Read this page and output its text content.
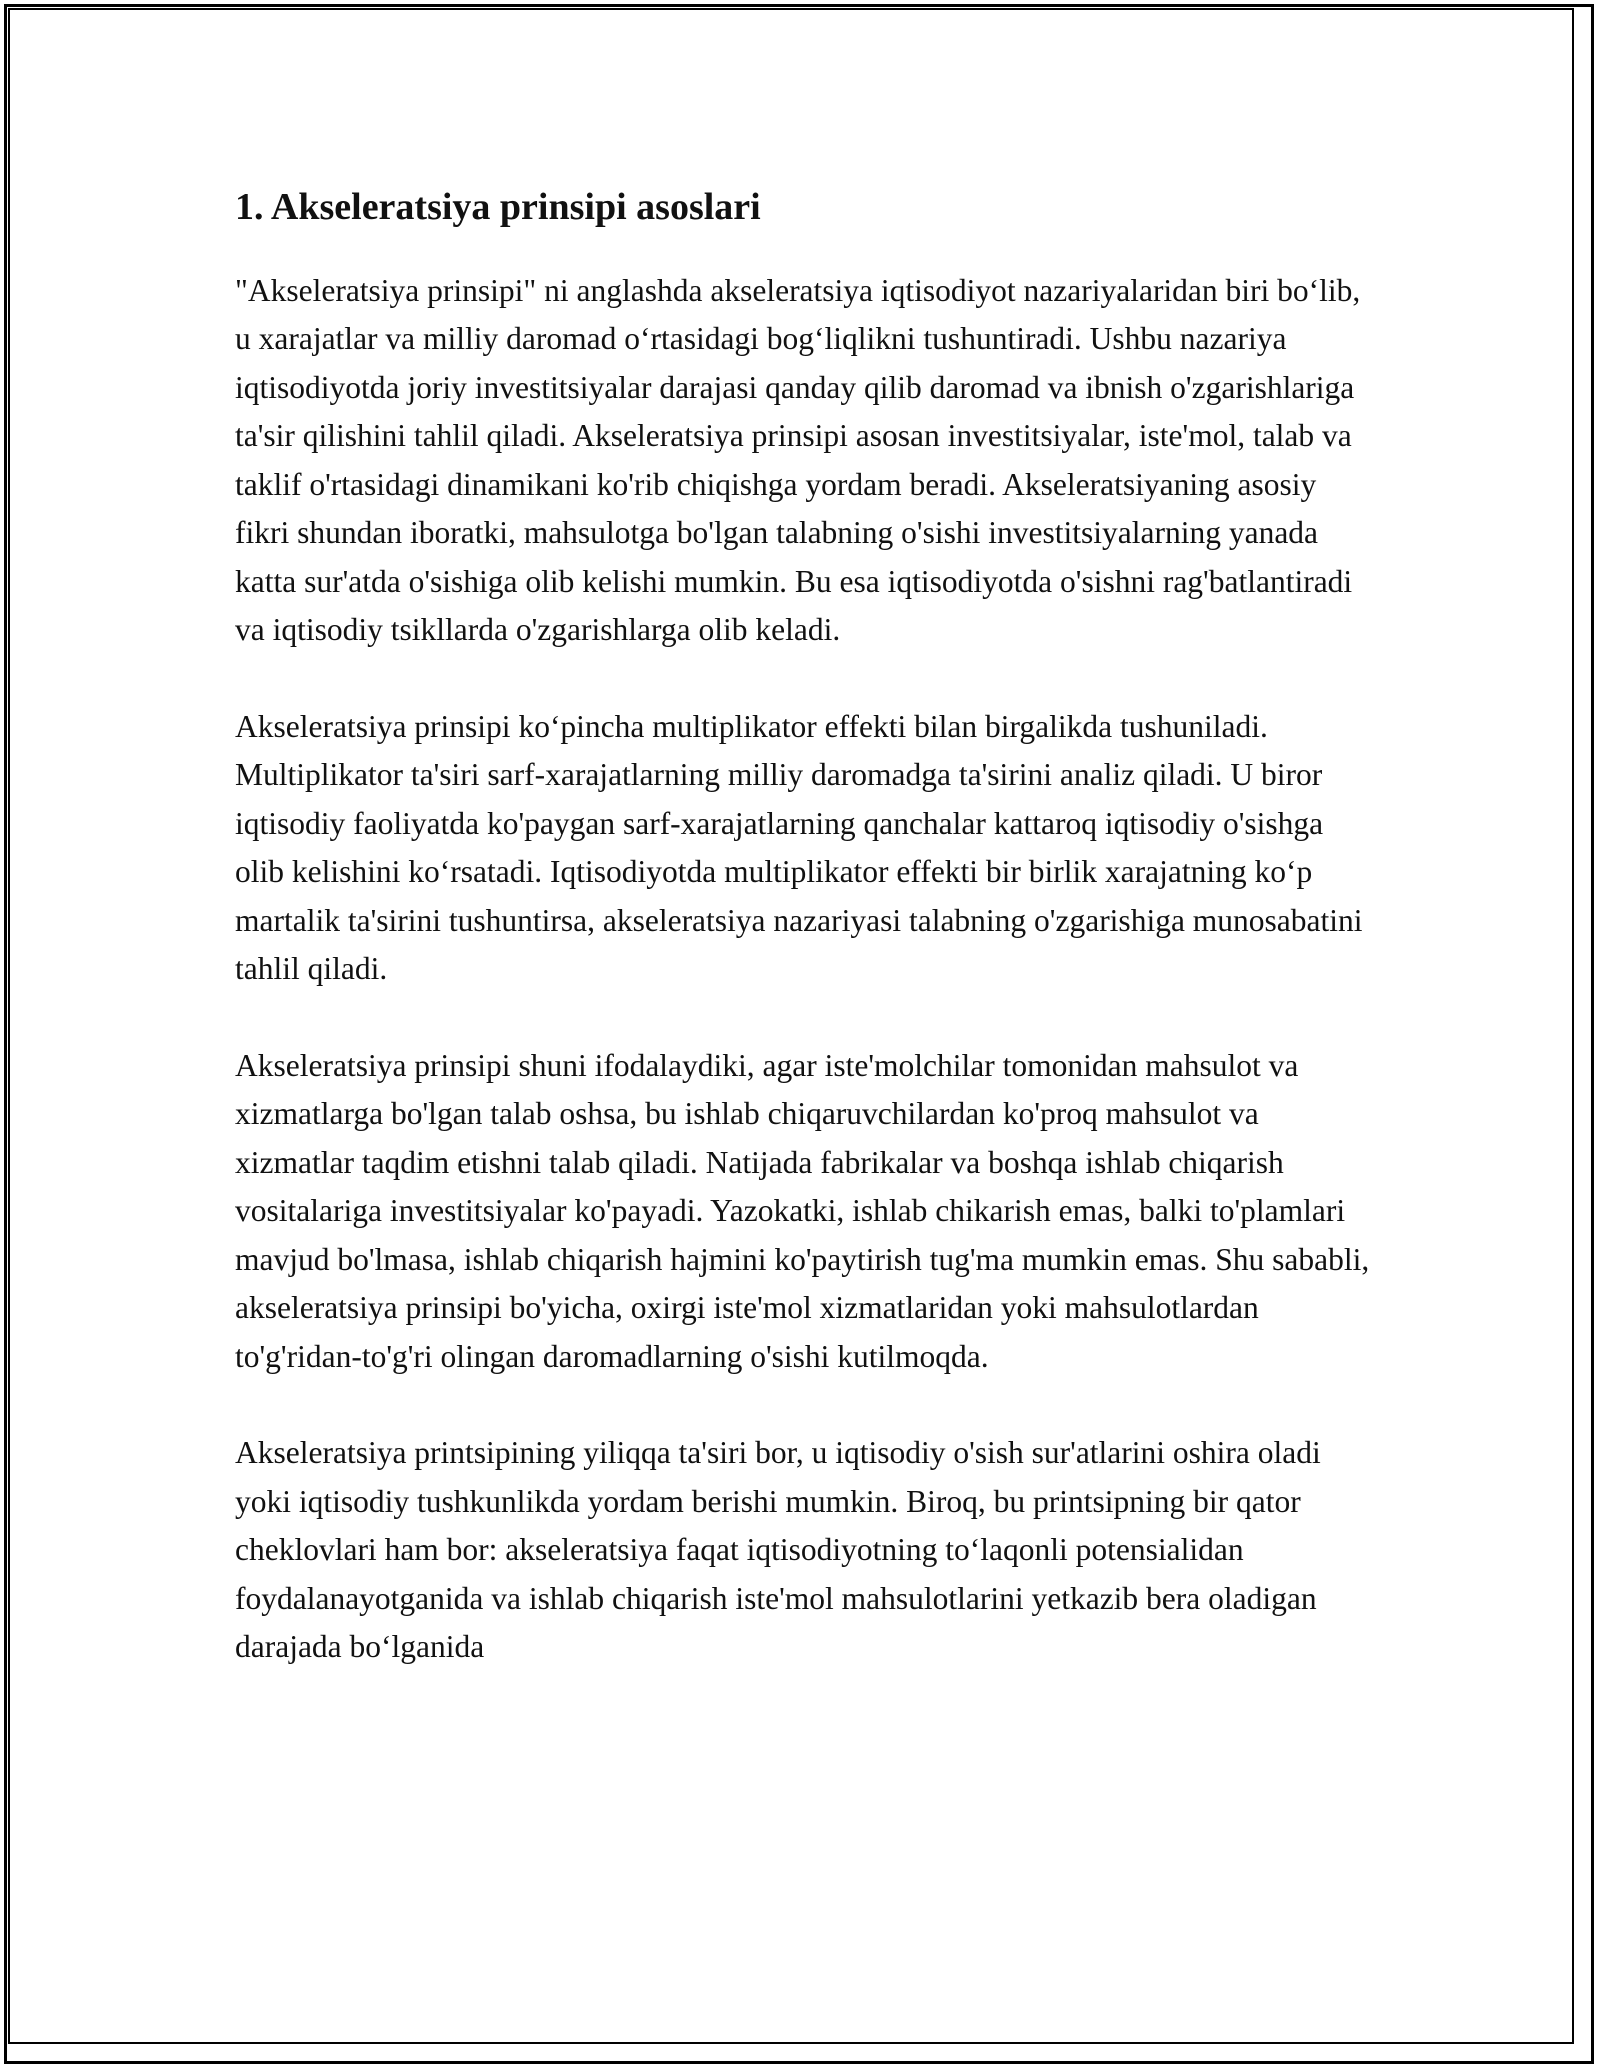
1. Akseleratsiya prinsipi asoslari

"Akseleratsiya prinsipi" ni anglashda akseleratsiya iqtisodiyot nazariyalaridan biri boʻlib, u xarajatlar va milliy daromad oʻrtasidagi bogʻliqlikni tushuntiradi. Ushbu nazariya iqtisodiyotda joriy investitsiyalar darajasi qanday qilib daromad va ibnish o'zgarishlariga ta'sir qilishini tahlil qiladi. Akseleratsiya prinsipi asosan investitsiyalar, iste'mol, talab va taklif o'rtasidagi dinamikani ko'rib chiqishga yordam beradi. Akseleratsiyaning asosiy fikri shundan iboratki, mahsulotga bo'lgan talabning o'sishi investitsiyalarning yanada katta sur'atda o'sishiga olib kelishi mumkin. Bu esa iqtisodiyotda o'sishni rag'batlantiradi va iqtisodiy tsikllarda o'zgarishlarga olib keladi.

Akseleratsiya prinsipi koʻpincha multiplikator effekti bilan birgalikda tushuniladi. Multiplikator ta'siri sarf-xarajatlarning milliy daromadga ta'sirini analiz qiladi. U biror iqtisodiy faoliyatda ko'paygan sarf-xarajatlarning qanchalar kattaroq iqtisodiy o'sishga olib kelishini koʻrsatadi. Iqtisodiyotda multiplikator effekti bir birlik xarajatning koʻp martalik ta'sirini tushuntirsa, akseleratsiya nazariyasi talabning o'zgarishiga munosabatini tahlil qiladi.

Akseleratsiya prinsipi shuni ifodalaydiki, agar iste'molchilar tomonidan mahsulot va xizmatlarga bo'lgan talab oshsa, bu ishlab chiqaruvchilardan ko'proq mahsulot va xizmatlar taqdim etishni talab qiladi. Natijada fabrikalar va boshqa ishlab chiqarish vositalariga investitsiyalar ko'payadi. Yazokatki, ishlab chikarish emas, balki to'plamlari mavjud bo'lmasa, ishlab chiqarish hajmini ko'paytirish tug'ma mumkin emas. Shu sababli, akseleratsiya prinsipi bo'yicha, oxirgi iste'mol xizmatlaridan yoki mahsulotlardan to'g'ridan-to'g'ri olingan daromadlarning o'sishi kutilmoqda.

Akseleratsiya printsipining yiliqqa ta'siri bor, u iqtisodiy o'sish sur'atlarini oshira oladi yoki iqtisodiy tushkunlikda yordam berishi mumkin. Biroq, bu printsipning bir qator cheklovlari ham bor: akseleratsiya faqat iqtisodiyotning toʻlaqonli potensialidan foydalanayotganida va ishlab chiqarish iste'mol mahsulotlarini yetkazib bera oladigan darajada boʻlganida
